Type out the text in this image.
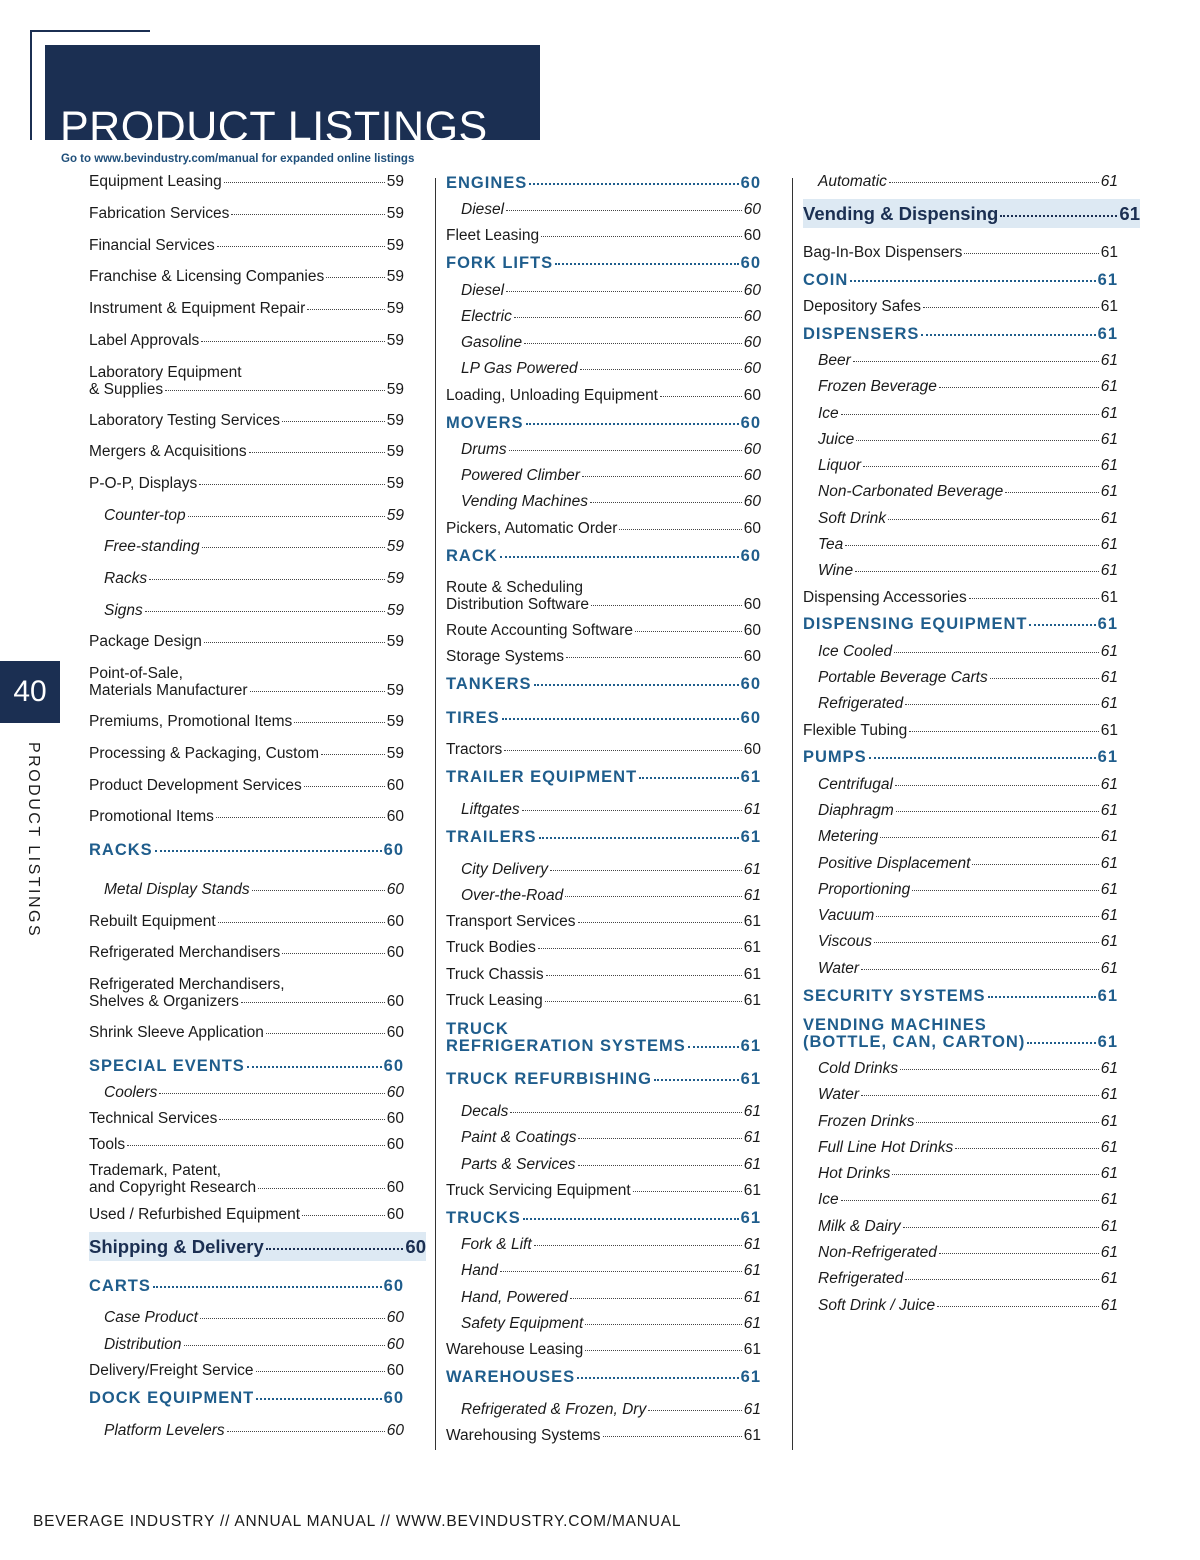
PRODUCT LISTINGS
Go to www.bevindustry.com/manual for expanded online listings
40
PRODUCT LISTINGS
Equipment Leasing	59
Fabrication Services	59
Financial Services	59
Franchise & Licensing Companies	59
Instrument & Equipment Repair	59
Label Approvals	59
Laboratory Equipment
& Supplies	59
Laboratory Testing Services	59
Mergers & Acquisitions	59
P-O-P, Displays	59
Counter-top	59
Free-standing	59
Racks	59
Signs	59
Package Design	59
Point-of-Sale,
Materials Manufacturer	59
Premiums, Promotional Items	59
Processing & Packaging, Custom	59
Product Development Services	60
Promotional Items	60
RACKS	60
Metal Display Stands	60
Rebuilt Equipment	60
Refrigerated Merchandisers	60
Refrigerated Merchandisers,
Shelves & Organizers	60
Shrink Sleeve Application	60
SPECIAL EVENTS	60
Coolers	60
Technical Services	60
Tools	60
Trademark, Patent,
and Copyright Research	60
Used / Refurbished Equipment	60
Shipping & Delivery	60
CARTS	60
Case Product	60
Distribution	60
Delivery/Freight Service	60
DOCK EQUIPMENT	60
Platform Levelers	60
ENGINES	60
Diesel	60
Fleet Leasing	60
FORK LIFTS	60
Diesel	60
Electric	60
Gasoline	60
LP Gas Powered	60
Loading, Unloading Equipment	60
MOVERS	60
Drums	60
Powered Climber	60
Vending Machines	60
Pickers, Automatic Order	60
RACK	60
Route & Scheduling
Distribution Software	60
Route Accounting Software	60
Storage Systems	60
TANKERS	60
TIRES	60
Tractors	60
TRAILER EQUIPMENT	61
Liftgates	61
TRAILERS	61
City Delivery	61
Over-the-Road	61
Transport Services	61
Truck Bodies	61
Truck Chassis	61
Truck Leasing	61
TRUCK
REFRIGERATION SYSTEMS	61
TRUCK REFURBISHING	61
Decals	61
Paint & Coatings	61
Parts & Services	61
Truck Servicing Equipment	61
TRUCKS	61
Fork & Lift	61
Hand	61
Hand, Powered	61
Safety Equipment	61
Warehouse Leasing	61
WAREHOUSES	61
Refrigerated & Frozen, Dry	61
Warehousing Systems	61
Automatic	61
Vending & Dispensing	61
Bag-In-Box Dispensers	61
COIN	61
Depository Safes	61
DISPENSERS	61
Beer	61
Frozen Beverage	61
Ice	61
Juice	61
Liquor	61
Non-Carbonated Beverage	61
Soft Drink	61
Tea	61
Wine	61
Dispensing Accessories	61
DISPENSING EQUIPMENT	61
Ice Cooled	61
Portable Beverage Carts	61
Refrigerated	61
Flexible Tubing	61
PUMPS	61
Centrifugal	61
Diaphragm	61
Metering	61
Positive Displacement	61
Proportioning	61
Vacuum	61
Viscous	61
Water	61
SECURITY SYSTEMS	61
VENDING MACHINES
(BOTTLE, CAN, CARTON)	61
Cold Drinks	61
Water	61
Frozen Drinks	61
Full Line Hot Drinks	61
Hot Drinks	61
Ice	61
Milk & Dairy	61
Non-Refrigerated	61
Refrigerated	61
Soft Drink / Juice	61
BEVERAGE INDUSTRY // ANNUAL MANUAL // WWW.BEVINDUSTRY.COM/MANUAL
